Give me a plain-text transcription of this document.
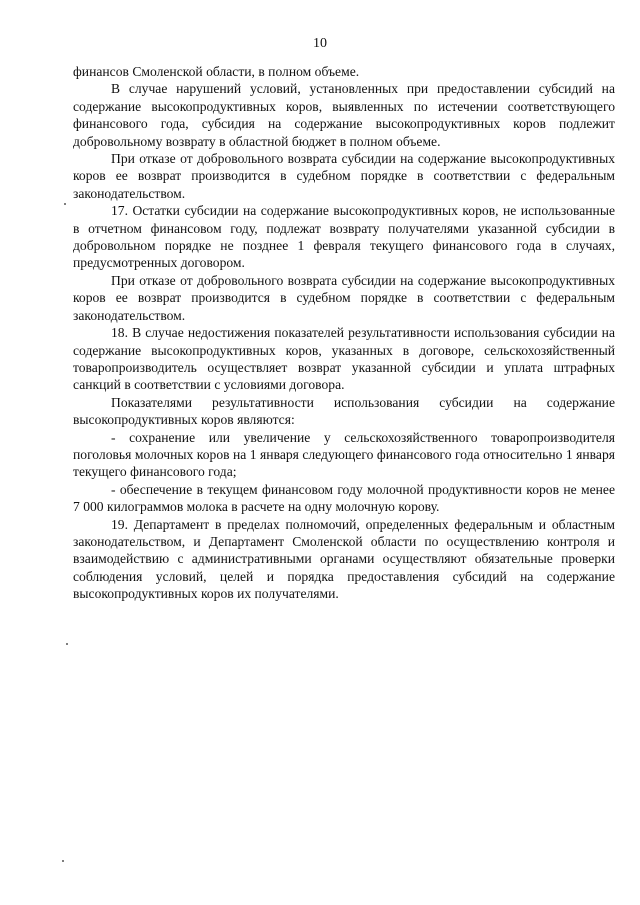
10

финансов Смоленской области, в полном объеме.

В случае нарушений условий, установленных при предоставлении субсидий на содержание высокопродуктивных коров, выявленных по истечении соответствующего финансового года, субсидия на содержание высокопродуктивных коров подлежит добровольному возврату в областной бюджет в полном объеме.

При отказе от добровольного возврата субсидии на содержание высокопродуктивных коров ее возврат производится в судебном порядке в соответствии с федеральным законодательством.

17. Остатки субсидии на содержание высокопродуктивных коров, не использованные в отчетном финансовом году, подлежат возврату получателями указанной субсидии в добровольном порядке не позднее 1 февраля текущего финансового года в случаях, предусмотренных договором.

При отказе от добровольного возврата субсидии на содержание высокопродуктивных коров ее возврат производится в судебном порядке в соответствии с федеральным законодательством.

18. В случае недостижения показателей результативности использования субсидии на содержание высокопродуктивных коров, указанных в договоре, сельскохозяйственный товаропроизводитель осуществляет возврат указанной субсидии и уплата штрафных санкций в соответствии с условиями договора.

Показателями результативности использования субсидии на содержание высокопродуктивных коров являются:

- сохранение или увеличение у сельскохозяйственного товаропроизводителя поголовья молочных коров на 1 января следующего финансового года относительно 1 января текущего финансового года;

- обеспечение в текущем финансовом году молочной продуктивности коров не менее 7 000 килограммов молока в расчете на одну молочную корову.

19. Департамент в пределах полномочий, определенных федеральным и областным законодательством, и Департамент Смоленской области по осуществлению контроля и взаимодействию с административными органами осуществляют обязательные проверки соблюдения условий, целей и порядка предоставления субсидий на содержание высокопродуктивных коров их получателями.
